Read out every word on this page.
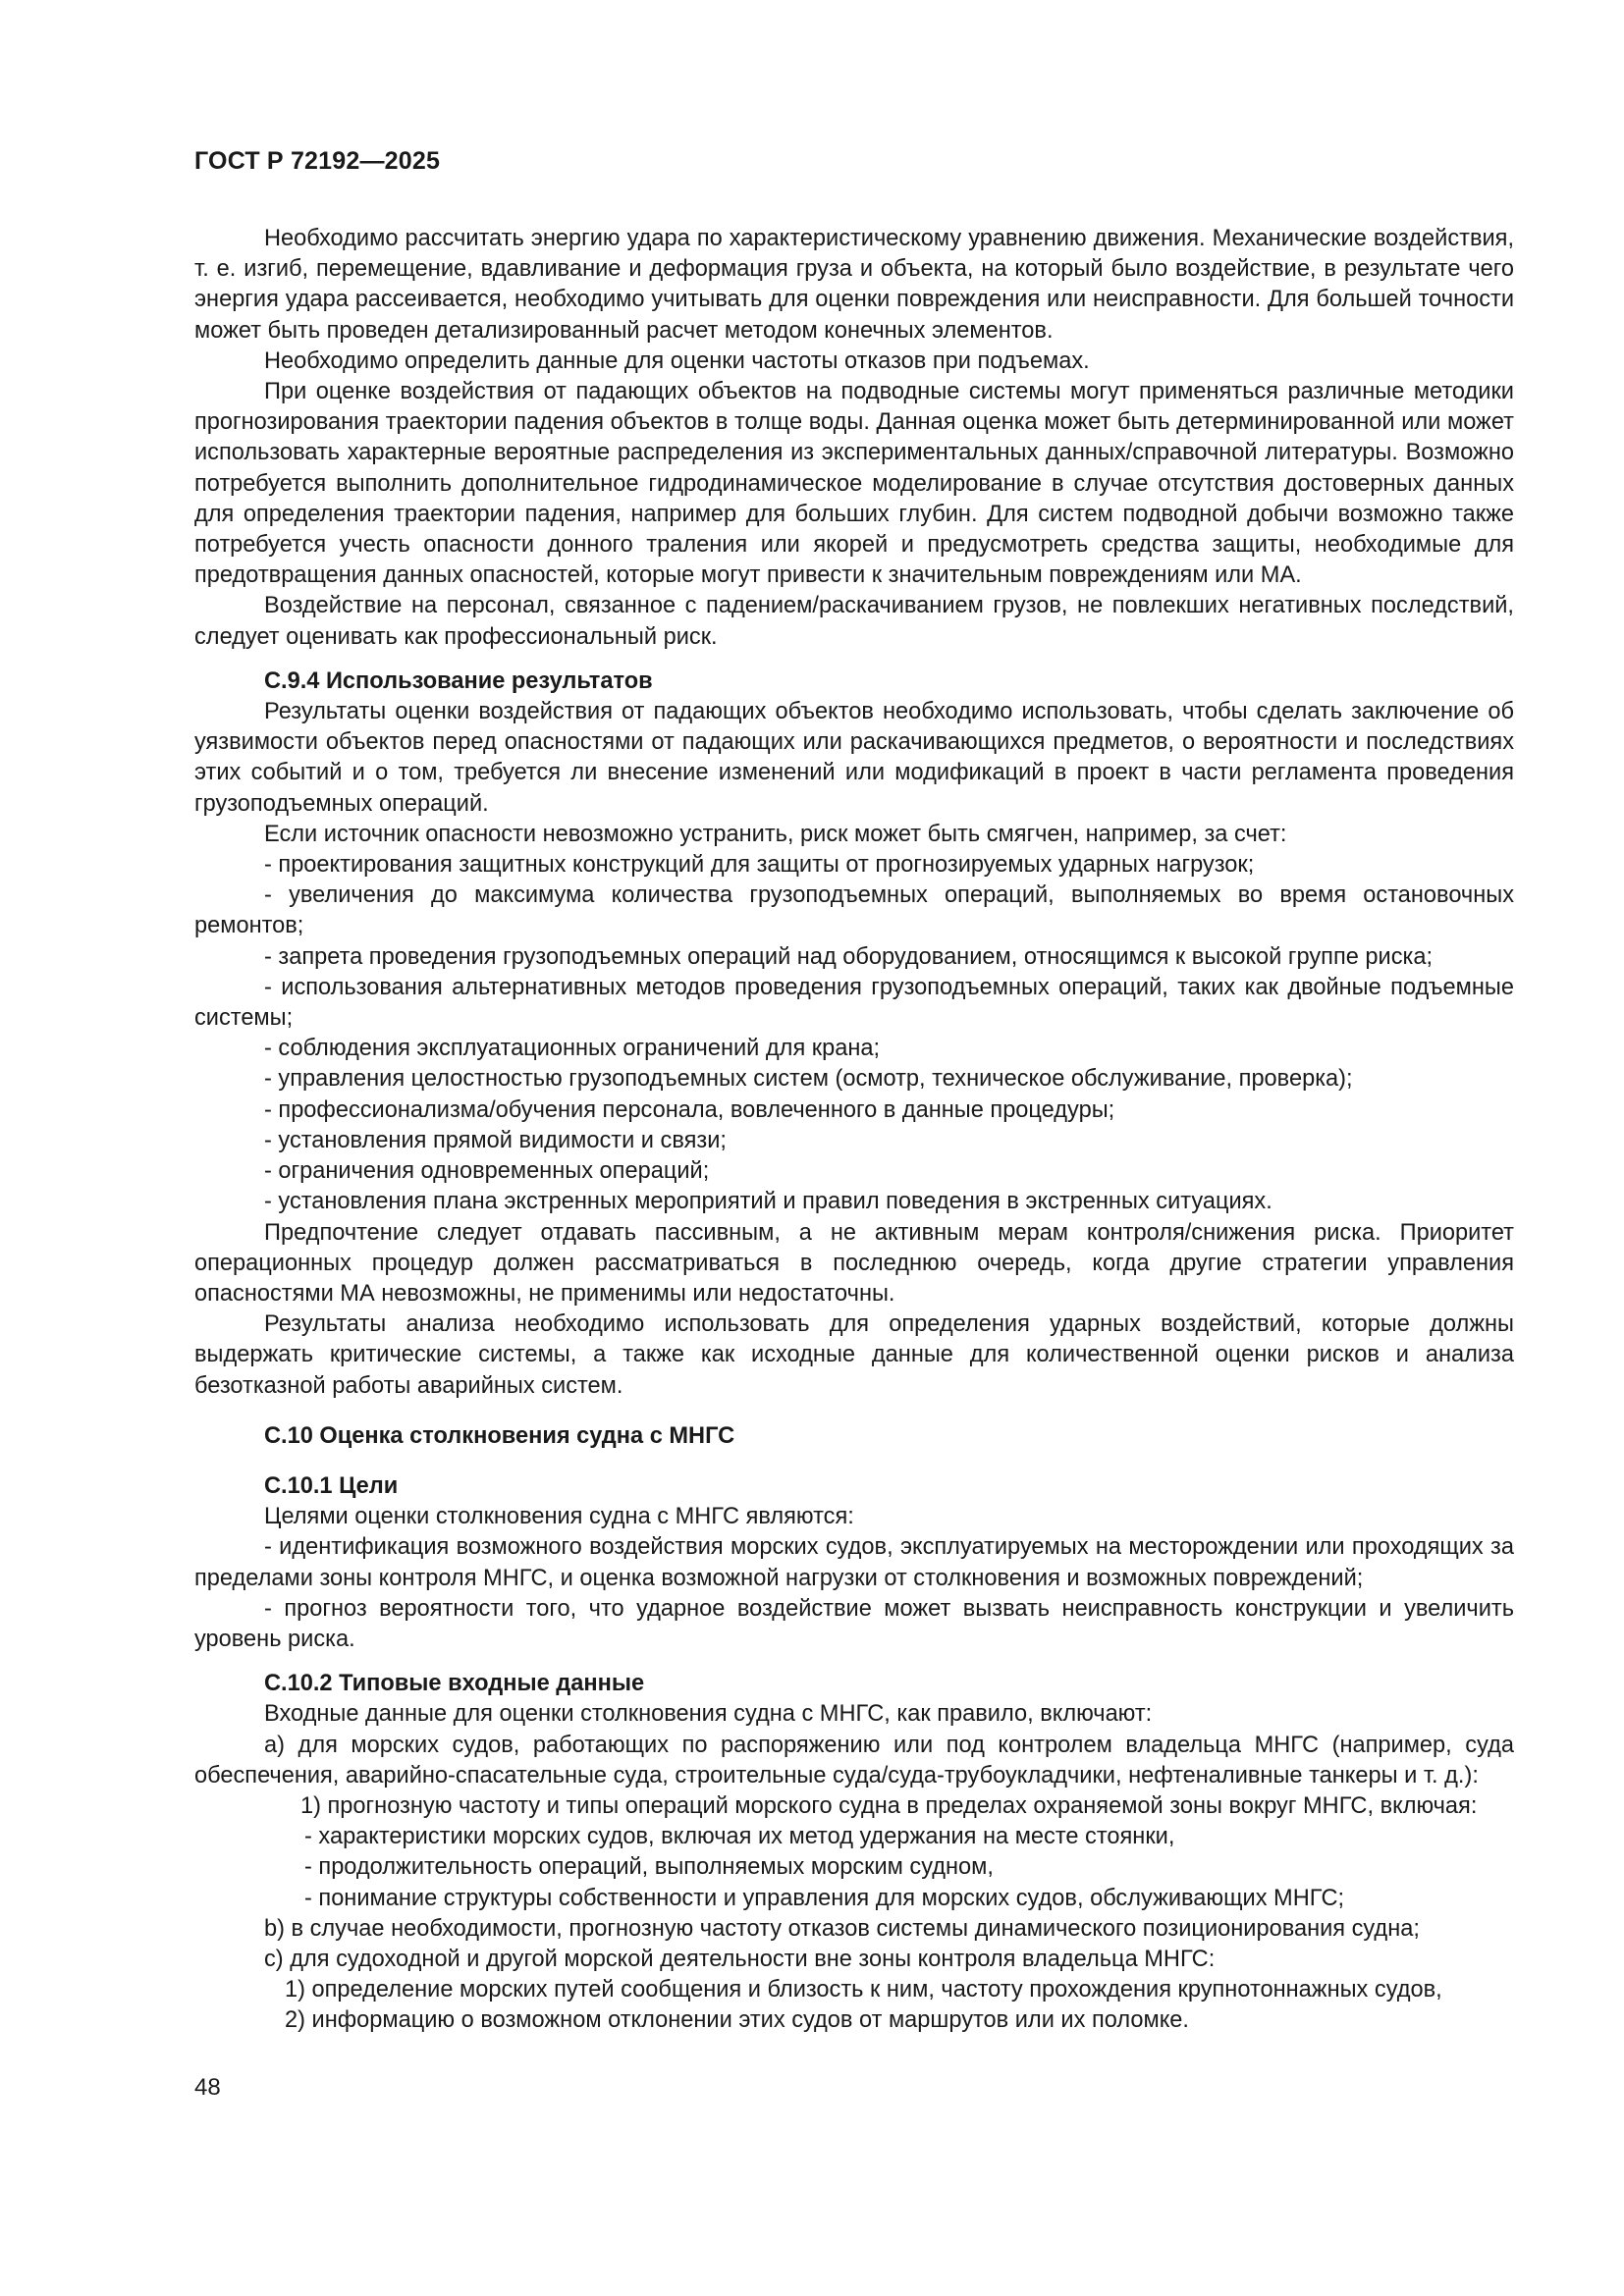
ГОСТ Р 72192—2025

Необходимо рассчитать энергию удара по характеристическому уравнению движения. Механические воздействия, т. е. изгиб, перемещение, вдавливание и деформация груза и объекта, на который было воздействие, в результате чего энергия удара рассеивается, необходимо учитывать для оценки повреждения или неисправности. Для большей точности может быть проведен детализированный расчет методом конечных элементов.

Необходимо определить данные для оценки частоты отказов при подъемах.

При оценке воздействия от падающих объектов на подводные системы могут применяться различные методики прогнозирования траектории падения объектов в толще воды. Данная оценка может быть детерминированной или может использовать характерные вероятные распределения из экспериментальных данных/справочной литературы. Возможно потребуется выполнить дополнительное гидродинамическое моделирование в случае отсутствия достоверных данных для определения траектории падения, например для больших глубин. Для систем подводной добычи возможно также потребуется учесть опасности донного траления или якорей и предусмотреть средства защиты, необходимые для предотвращения данных опасностей, которые могут привести к значительным повреждениям или МА.

Воздействие на персонал, связанное с падением/раскачиванием грузов, не повлекших негативных последствий, следует оценивать как профессиональный риск.

С.9.4 Использование результатов

Результаты оценки воздействия от падающих объектов необходимо использовать, чтобы сделать заключение об уязвимости объектов перед опасностями от падающих или раскачивающихся предметов, о вероятности и последствиях этих событий и о том, требуется ли внесение изменений или модификаций в проект в части регламента проведения грузоподъемных операций.

Если источник опасности невозможно устранить, риск может быть смягчен, например, за счет:

- проектирования защитных конструкций для защиты от прогнозируемых ударных нагрузок;

- увеличения до максимума количества грузоподъемных операций, выполняемых во время остановочных ремонтов;

- запрета проведения грузоподъемных операций над оборудованием, относящимся к высокой группе риска;

- использования альтернативных методов проведения грузоподъемных операций, таких как двойные подъемные системы;

- соблюдения эксплуатационных ограничений для крана;

- управления целостностью грузоподъемных систем (осмотр, техническое обслуживание, проверка);

- профессионализма/обучения персонала, вовлеченного в данные процедуры;

- установления прямой видимости и связи;

- ограничения одновременных операций;

- установления плана экстренных мероприятий и правил поведения в экстренных ситуациях.

Предпочтение следует отдавать пассивным, а не активным мерам контроля/снижения риска. Приоритет операционных процедур должен рассматриваться в последнюю очередь, когда другие стратегии управления опасностями МА невозможны, не применимы или недостаточны.

Результаты анализа необходимо использовать для определения ударных воздействий, которые должны выдержать критические системы, а также как исходные данные для количественной оценки рисков и анализа безотказной работы аварийных систем.

С.10 Оценка столкновения судна с МНГС

С.10.1 Цели

Целями оценки столкновения судна с МНГС являются:

- идентификация возможного воздействия морских судов, эксплуатируемых на месторождении или проходящих за пределами зоны контроля МНГС, и оценка возможной нагрузки от столкновения и возможных повреждений;

- прогноз вероятности того, что ударное воздействие может вызвать неисправность конструкции и увеличить уровень риска.

С.10.2 Типовые входные данные

Входные данные для оценки столкновения судна с МНГС, как правило, включают:

a) для морских судов, работающих по распоряжению или под контролем владельца МНГС (например, суда обеспечения, аварийно-спасательные суда, строительные суда/суда-трубоукладчики, нефтеналивные танкеры и т. д.):

1) прогнозную частоту и типы операций морского судна в пределах охраняемой зоны вокруг МНГС, включая:

- характеристики морских судов, включая их метод удержания на месте стоянки,

- продолжительность операций, выполняемых морским судном,

- понимание структуры собственности и управления для морских судов, обслуживающих МНГС;

b) в случае необходимости, прогнозную частоту отказов системы динамического позиционирования судна;

c) для судоходной и другой морской деятельности вне зоны контроля владельца МНГС:

1) определение морских путей сообщения и близость к ним, частоту прохождения крупнотоннажных судов,

2) информацию о возможном отклонении этих судов от маршрутов или их поломке.

48
